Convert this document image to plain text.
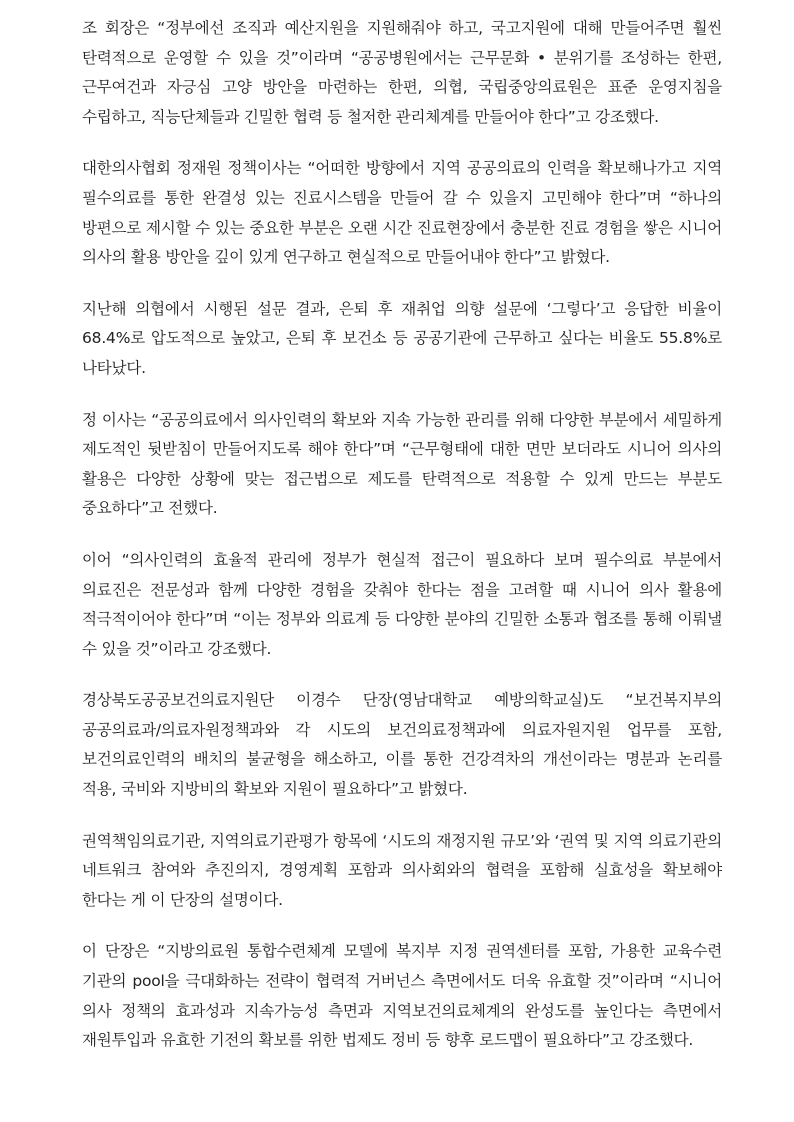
조 회장은 “정부에선 조직과 예산지원을 지원해줘야 하고, 국고지원에 대해 만들어주면 훨씬 탄력적으로 운영할 수 있을 것”이라며 “공공병원에서는 근무문화 • 분위기를 조성하는 한편, 근무여건과 자긍심 고양 방안을 마련하는 한편, 의협, 국립중앙의료원은 표준 운영지침을 수립하고, 직능단체들과 긴밀한 협력 등 철저한 관리체계를 만들어야 한다”고 강조했다.

대한의사협회 정재원 정책이사는 “어떠한 방향에서 지역 공공의료의 인력을 확보해나가고 지역 필수의료를 통한 완결성 있는 진료시스템을 만들어 갈 수 있을지 고민해야 한다”며 “하나의 방편으로 제시할 수 있는 중요한 부분은 오랜 시간 진료현장에서 충분한 진료 경험을 쌓은 시니어 의사의 활용 방안을 깊이 있게 연구하고 현실적으로 만들어내야 한다”고 밝혔다.

지난해 의협에서 시행된 설문 결과, 은퇴 후 재취업 의향 설문에 ‘그렇다’고 응답한 비율이 68.4%로 압도적으로 높았고, 은퇴 후 보건소 등 공공기관에 근무하고 싶다는 비율도 55.8%로 나타났다.

정 이사는 “공공의료에서 의사인력의 확보와 지속 가능한 관리를 위해 다양한 부분에서 세밀하게 제도적인 뒷받침이 만들어지도록 해야 한다”며 “근무형태에 대한 면만 보더라도 시니어 의사의 활용은 다양한 상황에 맞는 접근법으로 제도를 탄력적으로 적용할 수 있게 만드는 부분도 중요하다”고 전했다.

이어 “의사인력의 효율적 관리에 정부가 현실적 접근이 필요하다 보며 필수의료 부분에서 의료진은 전문성과 함께 다양한 경험을 갖춰야 한다는 점을 고려할 때 시니어 의사 활용에 적극적이어야 한다”며 “이는 정부와 의료계 등 다양한 분야의 긴밀한 소통과 협조를 통해 이뤄낼 수 있을 것”이라고 강조했다.

경상북도공공보건의료지원단 이경수 단장(영남대학교 예방의학교실)도 “보건복지부의 공공의료과/의료자원정책과와 각 시도의 보건의료정책과에 의료자원지원 업무를 포함, 보건의료인력의 배치의 불균형을 해소하고, 이를 통한 건강격차의 개선이라는 명분과 논리를 적용, 국비와 지방비의 확보와 지원이 필요하다”고 밝혔다.

권역책임의료기관, 지역의료기관평가 항목에 ‘시도의 재정지원 규모’와 ‘권역 및 지역 의료기관의 네트워크 참여와 추진의지, 경영계획 포함과 의사회와의 협력을 포함해 실효성을 확보해야 한다는 게 이 단장의 설명이다.

이 단장은 “지방의료원 통합수련체계 모델에 복지부 지정 권역센터를 포함, 가용한 교육수련 기관의 pool을 극대화하는 전략이 협력적 거버넌스 측면에서도 더욱 유효할 것”이라며 “시니어 의사 정책의 효과성과 지속가능성 측면과 지역보건의료체계의 완성도를 높인다는 측면에서 재원투입과 유효한 기전의 확보를 위한 법제도 정비 등 향후 로드맵이 필요하다”고 강조했다.
